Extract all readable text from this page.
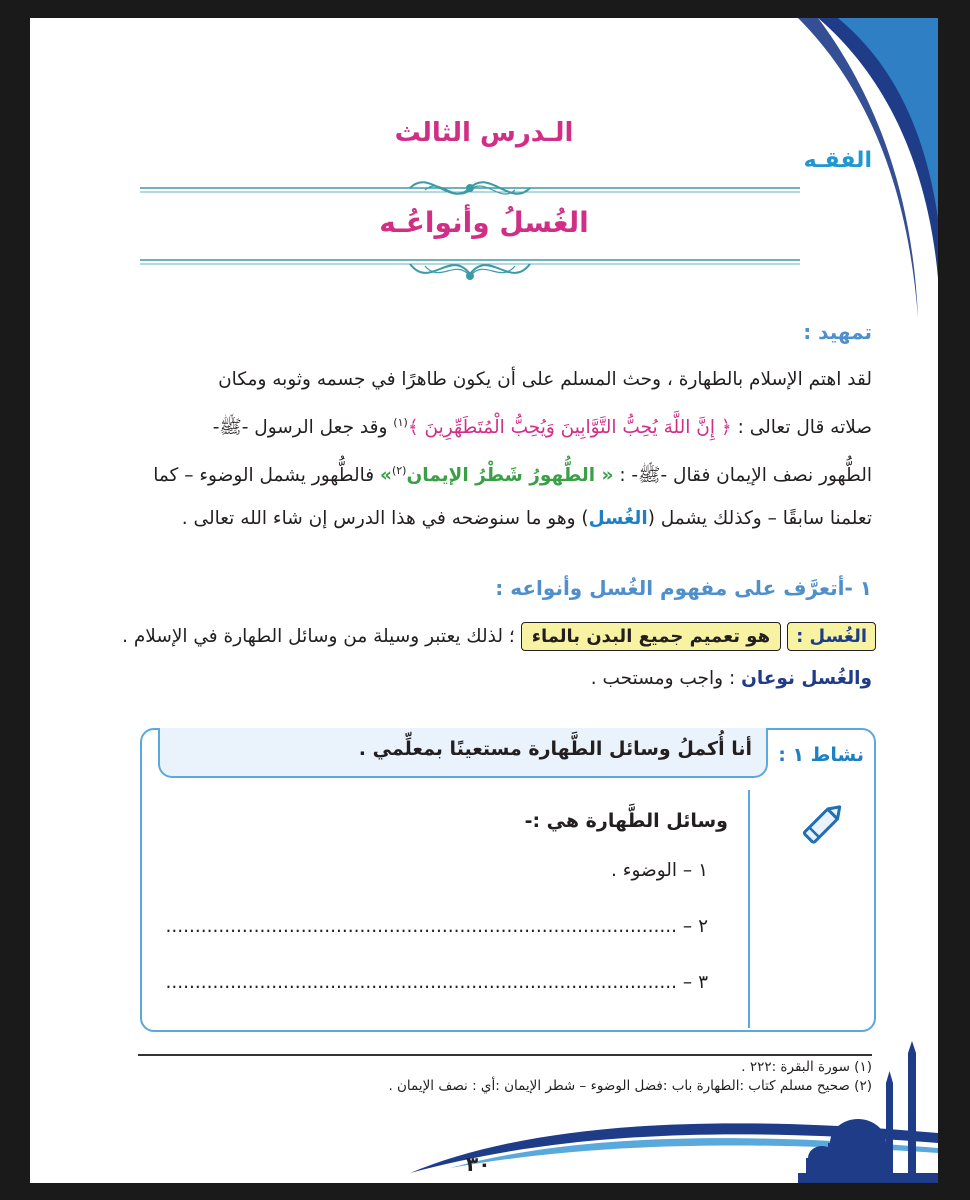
الفقـه
الـدرس الثالث
الغُسلُ وأنواعُـه
تمهيد :
لقد اهتم الإسلام بالطهارة ، وحث المسلم على أن يكون طاهرًا في جسمه وثوبه ومكان
صلاته قال تعالى : ﴿ إِنَّ اللَّهَ يُحِبُّ التَّوَّابِينَ وَيُحِبُّ الْمُتَطَهِّرِينَ ﴾$^{(١)}$ وقد جعل الرسول -ﷺ-
الطُّهور نصف الإيمان فقال -ﷺ- : « الطُّهورُ شَطْرُ الإيمان$^{(٢)}$» فالطُّهور يشمل الوضوء – كما
تعلمنا سابقًا – وكذلك يشمل (الغُسل) وهو ما سنوضحه في هذا الدرس إن شاء الله تعالى .
١ -أتعرَّف على مفهوم الغُسل وأنواعه :
الغُسل :
هو تعميم جميع البدن بالماء
؛ لذلك يعتبر وسيلة من وسائل الطهارة في الإسلام .
والغُسل نوعان : واجب ومستحب .
أنا أُكملُ وسائل الطَّهارة مستعينًا بمعلِّمي . نشاط ١ :
وسائل الطَّهارة هي :-
١ – الوضوء .
٢ – .......................................................................................
٣ – .......................................................................................
(١) سورة البقرة :٢٢٢ .
(٢) صحيح مسلم كتاب :الطهارة باب :فضل الوضوء – شطر الإيمان :أي : نصف الإيمان .
٣٠
